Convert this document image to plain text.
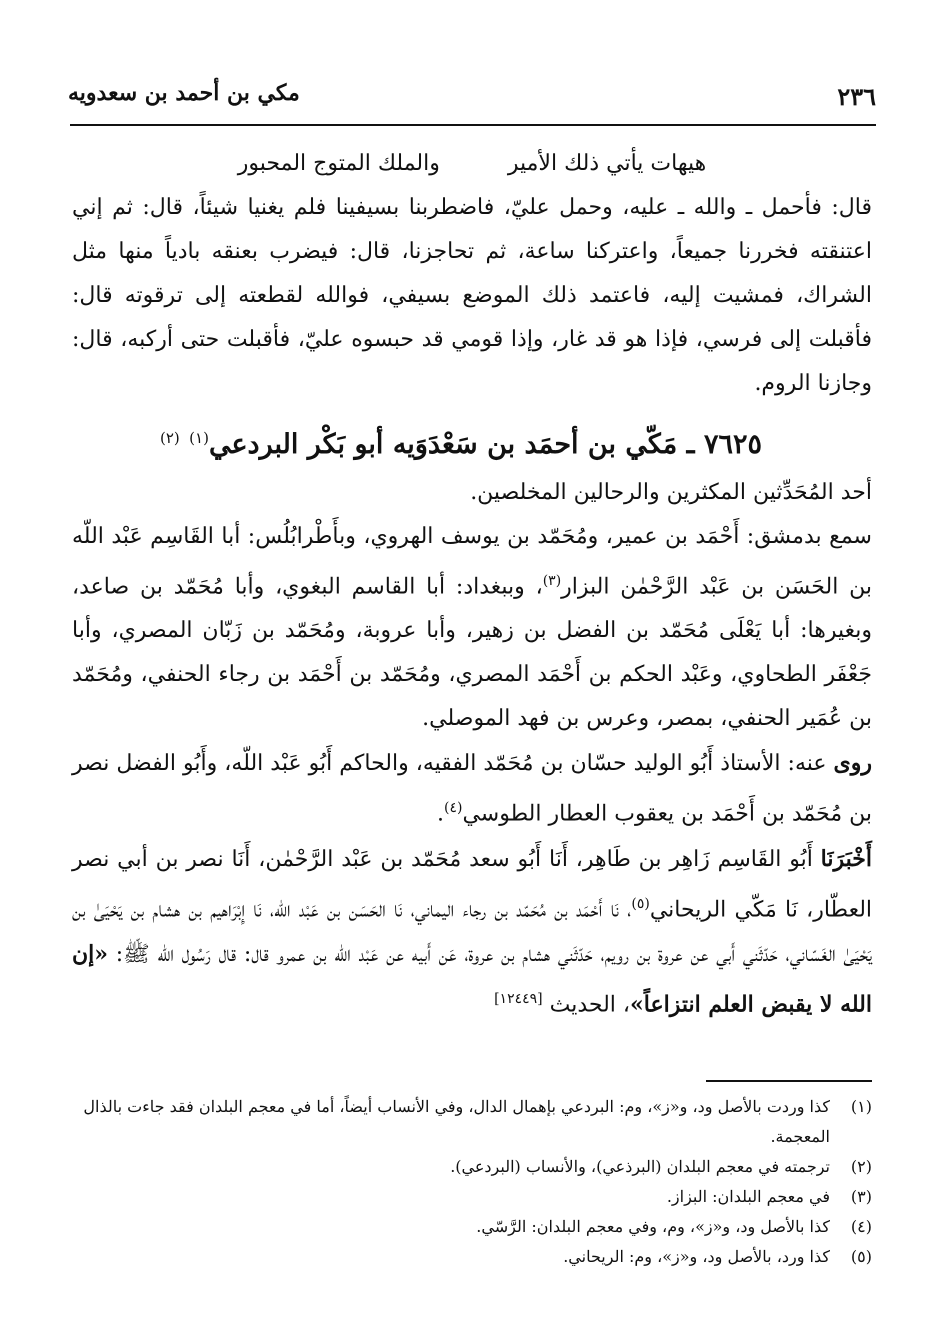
٢٣٦
مكي بن أحمد بن سعدويه
هيهات يأتي ذلك الأمير
والملك المتوج المحبور

قال: فأحمل ـ والله ـ عليه، وحمل عليّ، فاضطربنا بسيفينا فلم يغنيا شيئاً، قال: ثم إني اعتنقته فخررنا جميعاً، واعتركنا ساعة، ثم تحاجزنا، قال: فيضرب بعنقه بادياً منها مثل الشراك، فمشيت إليه، فاعتمد ذلك الموضع بسيفي، فوالله لقطعته إلى ترقوته قال: فأقبلت إلى فرسي، فإذا هو قد غار، وإذا قومي قد حبسوه عليّ، فأقبلت حتى أركبه، قال: وجازنا الروم.

٧٦٢٥ ـ مَكّي بن أحمَد بن سَعْدَوَيه أبو بَكْر البردعي$^{(١)}$ $^{(٢)}$

أحد المُحَدِّثين المكثرين والرحالين المخلصين.

سمع بدمشق: أَحْمَد بن عمير، ومُحَمّد بن يوسف الهروي، وبأَطْرابُلُس: أبا القَاسِم عَبْد اللّه بن الحَسَن بن عَبْد الرَّحْمٰن البزار$^{(٣)}$، وببغداد: أبا القاسم البغوي، وأبا مُحَمّد بن صاعد، وبغيرها: أبا يَعْلَى مُحَمّد بن الفضل بن زهير، وأبا عروبة، ومُحَمّد بن زَبّان المصري، وأبا جَعْفَر الطحاوي، وعَبْد الحكم بن أَحْمَد المصري، ومُحَمّد بن أَحْمَد بن رجاء الحنفي، ومُحَمّد بن عُمَير الحنفي، بمصر، وعرس بن فهد الموصلي.

روى عنه: الأستاذ أَبُو الوليد حسّان بن مُحَمّد الفقيه، والحاكم أَبُو عَبْد اللّه، وأَبُو الفضل نصر بن مُحَمّد بن أَحْمَد بن يعقوب العطار الطوسي$^{(٤)}$.

أَخْبَرَنَا أَبُو القَاسِم زَاهِر بن طَاهِر، أَنَا أَبُو سعد مُحَمّد بن عَبْد الرَّحْمٰن، أَنَا نصر بن أبي نصر العطّار، نَا مَكّي الريحاني$^{(٥)}$، نَا أَحْمَد بن مُحَمّد بن رجاء اليماني، نَا الحَسَن بن عَبْد اللّه، نَا إِبْرَاهيم بن هشام بن يَحْيَىٰ بن يَحْيَىٰ الغَسّاني، حَدّثَني أَبي عن عروة بن رويم، حَدّثَني هشام بن عروة، عَن أَبيه عن عَبْد اللّه بن عمرو قال: قال رَسُول اللّه ﷺ: «إن الله لا يقبض العلم انتزاعاً»، الحديث [١٢٤٤٩]

(١)
كذا وردت بالأصل ود، و«ز»، وم: البردعي بإهمال الدال، وفي الأنساب أيضاً، أما في معجم البلدان فقد جاءت بالذال المعجمة.
(٢)
ترجمته في معجم البلدان (البرذعي)، والأنساب (البردعي).
(٣)
في معجم البلدان: البزاز.
(٤)
كذا بالأصل ود، و«ز»، وم، وفي معجم البلدان: الرَّسّي.
(٥)
كذا ورد، بالأصل ود، و«ز»، وم: الريحاني.
